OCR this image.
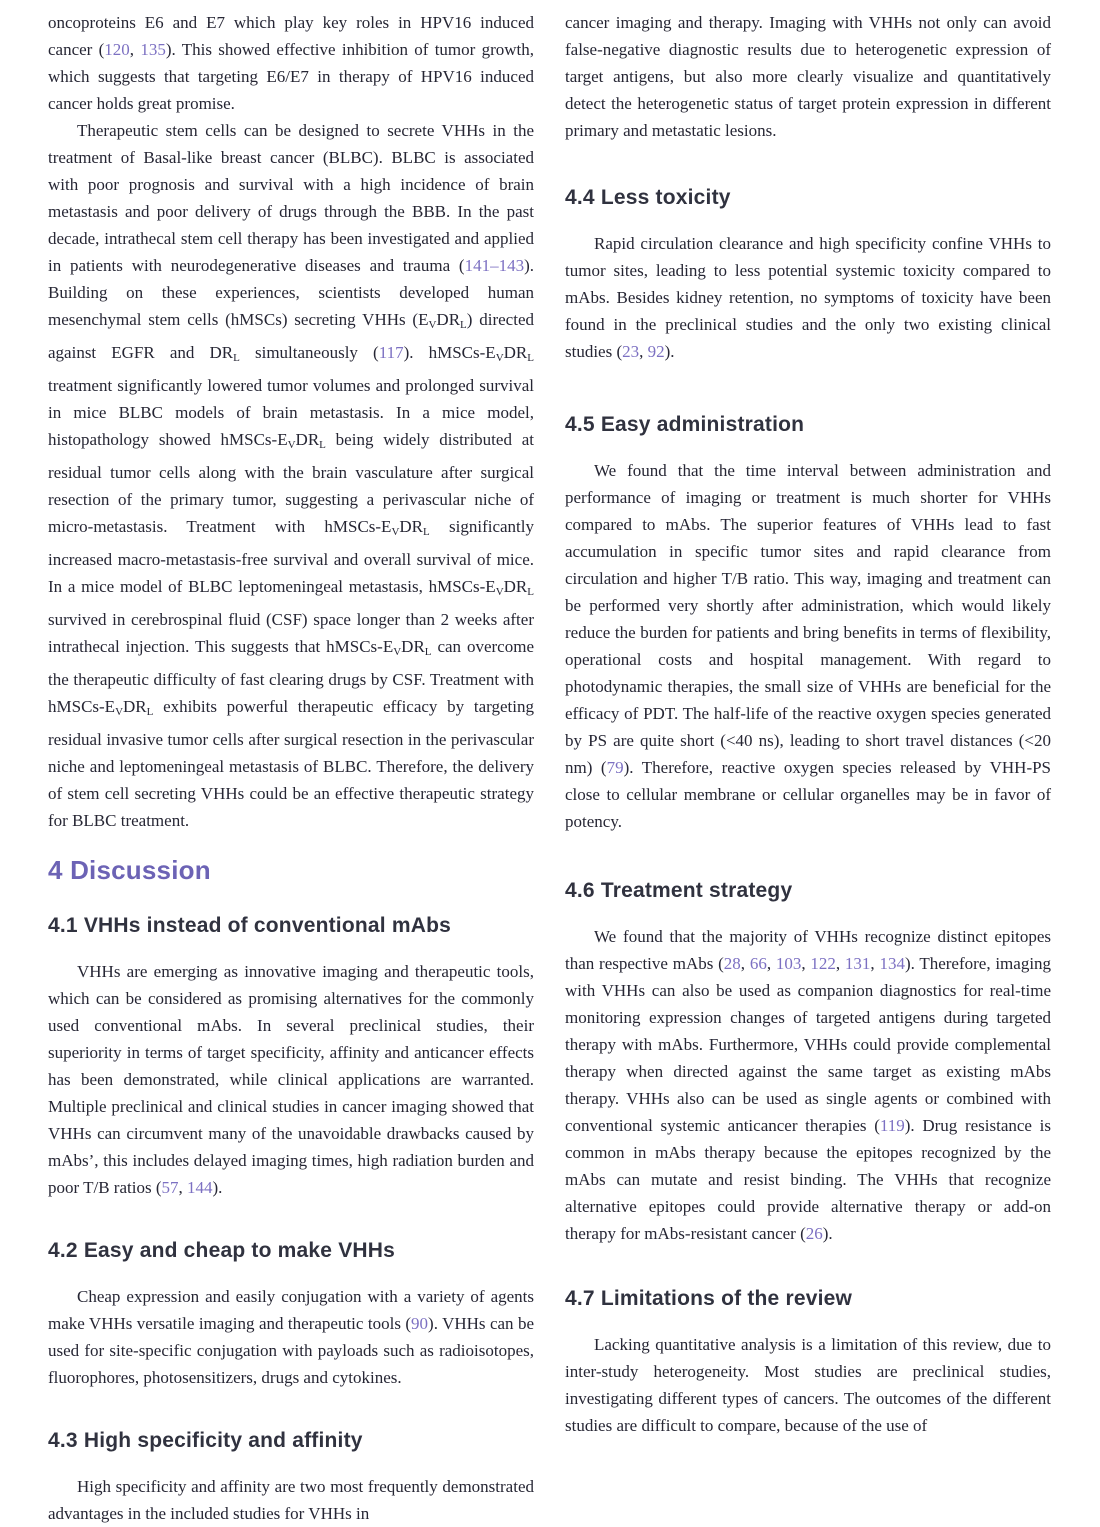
oncoproteins E6 and E7 which play key roles in HPV16 induced cancer (120, 135). This showed effective inhibition of tumor growth, which suggests that targeting E6/E7 in therapy of HPV16 induced cancer holds great promise.

Therapeutic stem cells can be designed to secrete VHHs in the treatment of Basal-like breast cancer (BLBC). BLBC is associated with poor prognosis and survival with a high incidence of brain metastasis and poor delivery of drugs through the BBB. In the past decade, intrathecal stem cell therapy has been investigated and applied in patients with neurodegenerative diseases and trauma (141–143). Building on these experiences, scientists developed human mesenchymal stem cells (hMSCs) secreting VHHs $(E_VDR_L)$ directed against EGFR and $DR_L$ simultaneously (117). hMSCs-$E_VDR_L$ treatment significantly lowered tumor volumes and prolonged survival in mice BLBC models of brain metastasis. In a mice model, histopathology showed hMSCs-$E_VDR_L$ being widely distributed at residual tumor cells along with the brain vasculature after surgical resection of the primary tumor, suggesting a perivascular niche of micro-metastasis. Treatment with hMSCs-$E_VDR_L$ significantly increased macro-metastasis-free survival and overall survival of mice. In a mice model of BLBC leptomeningeal metastasis, hMSCs-$E_VDR_L$ survived in cerebrospinal fluid (CSF) space longer than 2 weeks after intrathecal injection. This suggests that hMSCs-$E_VDR_L$ can overcome the therapeutic difficulty of fast clearing drugs by CSF. Treatment with hMSCs-$E_VDR_L$ exhibits powerful therapeutic efficacy by targeting residual invasive tumor cells after surgical resection in the perivascular niche and leptomeningeal metastasis of BLBC. Therefore, the delivery of stem cell secreting VHHs could be an effective therapeutic strategy for BLBC treatment.

4 Discussion
4.1 VHHs instead of conventional mAbs

VHHs are emerging as innovative imaging and therapeutic tools, which can be considered as promising alternatives for the commonly used conventional mAbs. In several preclinical studies, their superiority in terms of target specificity, affinity and anticancer effects has been demonstrated, while clinical applications are warranted. Multiple preclinical and clinical studies in cancer imaging showed that VHHs can circumvent many of the unavoidable drawbacks caused by mAbs’, this includes delayed imaging times, high radiation burden and poor T/B ratios (57, 144).

4.2 Easy and cheap to make VHHs

Cheap expression and easily conjugation with a variety of agents make VHHs versatile imaging and therapeutic tools (90). VHHs can be used for site-specific conjugation with payloads such as radioisotopes, fluorophores, photosensitizers, drugs and cytokines.

4.3 High specificity and affinity

High specificity and affinity are two most frequently demonstrated advantages in the included studies for VHHs in

cancer imaging and therapy. Imaging with VHHs not only can avoid false-negative diagnostic results due to heterogenetic expression of target antigens, but also more clearly visualize and quantitatively detect the heterogenetic status of target protein expression in different primary and metastatic lesions.

4.4 Less toxicity

Rapid circulation clearance and high specificity confine VHHs to tumor sites, leading to less potential systemic toxicity compared to mAbs. Besides kidney retention, no symptoms of toxicity have been found in the preclinical studies and the only two existing clinical studies (23, 92).

4.5 Easy administration

We found that the time interval between administration and performance of imaging or treatment is much shorter for VHHs compared to mAbs. The superior features of VHHs lead to fast accumulation in specific tumor sites and rapid clearance from circulation and higher T/B ratio. This way, imaging and treatment can be performed very shortly after administration, which would likely reduce the burden for patients and bring benefits in terms of flexibility, operational costs and hospital management. With regard to photodynamic therapies, the small size of VHHs are beneficial for the efficacy of PDT. The half-life of the reactive oxygen species generated by PS are quite short (<40 ns), leading to short travel distances (<20 nm) (79). Therefore, reactive oxygen species released by VHH-PS close to cellular membrane or cellular organelles may be in favor of potency.

4.6 Treatment strategy

We found that the majority of VHHs recognize distinct epitopes than respective mAbs (28, 66, 103, 122, 131, 134). Therefore, imaging with VHHs can also be used as companion diagnostics for real-time monitoring expression changes of targeted antigens during targeted therapy with mAbs. Furthermore, VHHs could provide complemental therapy when directed against the same target as existing mAbs therapy. VHHs also can be used as single agents or combined with conventional systemic anticancer therapies (119). Drug resistance is common in mAbs therapy because the epitopes recognized by the mAbs can mutate and resist binding. The VHHs that recognize alternative epitopes could provide alternative therapy or add-on therapy for mAbs-resistant cancer (26).

4.7 Limitations of the review

Lacking quantitative analysis is a limitation of this review, due to inter-study heterogeneity. Most studies are preclinical studies, investigating different types of cancers. The outcomes of the different studies are difficult to compare, because of the use of
